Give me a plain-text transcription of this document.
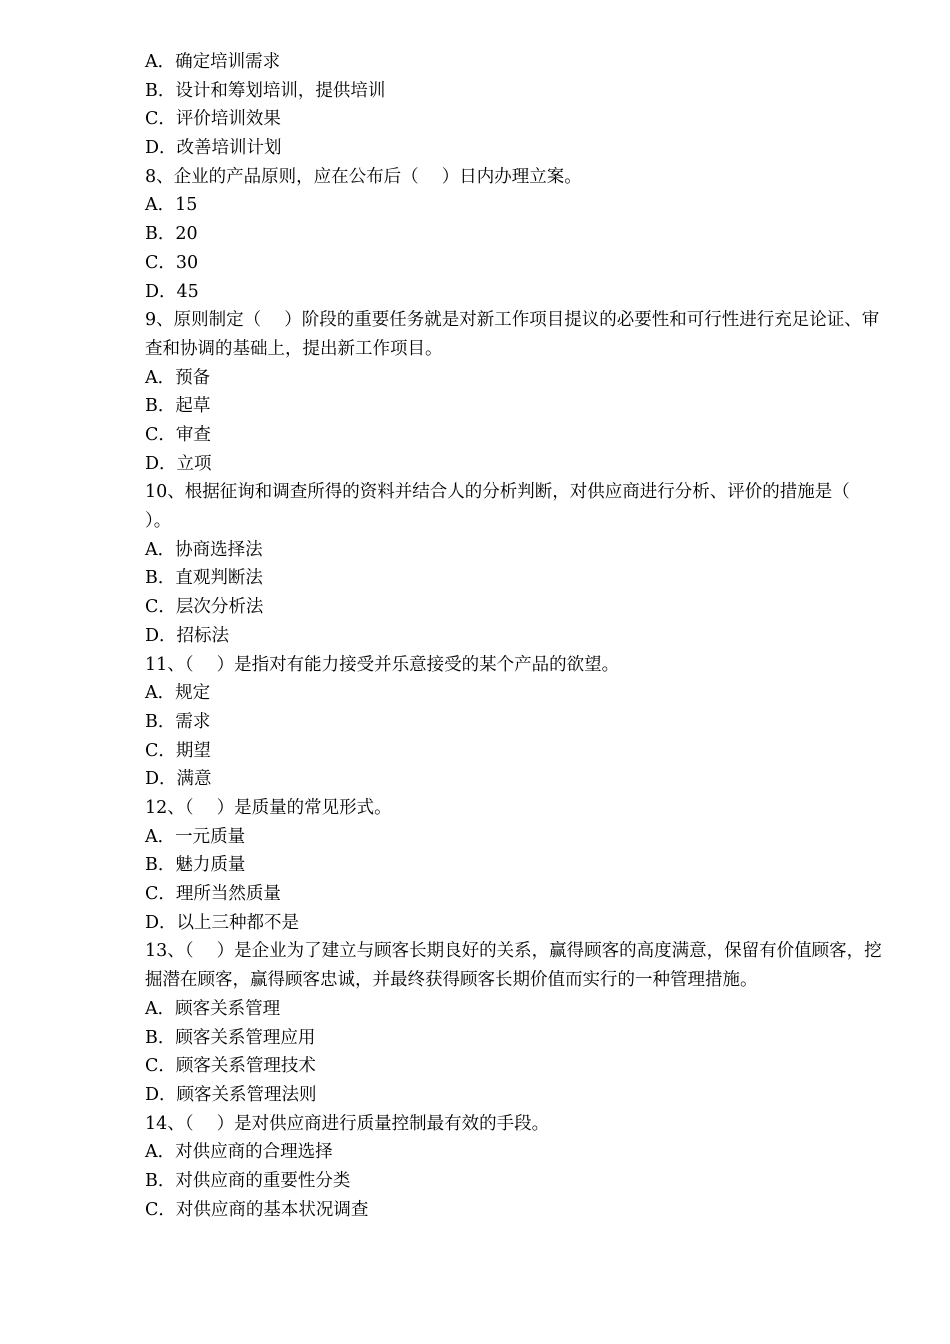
A．确定培训需求
B．设计和筹划培训，提供培训
C．评价培训效果
D．改善培训计划
8、企业的产品原则，应在公布后（　 ）日内办理立案。
A．15
B．20
C．30
D．45
9、原则制定（　 ）阶段的重要任务就是对新工作项目提议的必要性和可行性进行充足论证、审查和协调的基础上，提出新工作项目。
A．预备
B．起草
C．审查
D．立项
10、根据征询和调查所得的资料并结合人的分析判断，对供应商进行分析、评价的措施是（　 ）。
A．协商选择法
B．直观判断法
C．层次分析法
D．招标法
11、（　 ）是指对有能力接受并乐意接受的某个产品的欲望。
A．规定
B．需求
C．期望
D．满意
12、（　 ）是质量的常见形式。
A．一元质量
B．魅力质量
C．理所当然质量
D．以上三种都不是
13、（　 ）是企业为了建立与顾客长期良好的关系，赢得顾客的高度满意，保留有价值顾客，挖掘潜在顾客，赢得顾客忠诚，并最终获得顾客长期价值而实行的一种管理措施。
A．顾客关系管理
B．顾客关系管理应用
C．顾客关系管理技术
D．顾客关系管理法则
14、（　 ）是对供应商进行质量控制最有效的手段。
A．对供应商的合理选择
B．对供应商的重要性分类
C．对供应商的基本状况调查
